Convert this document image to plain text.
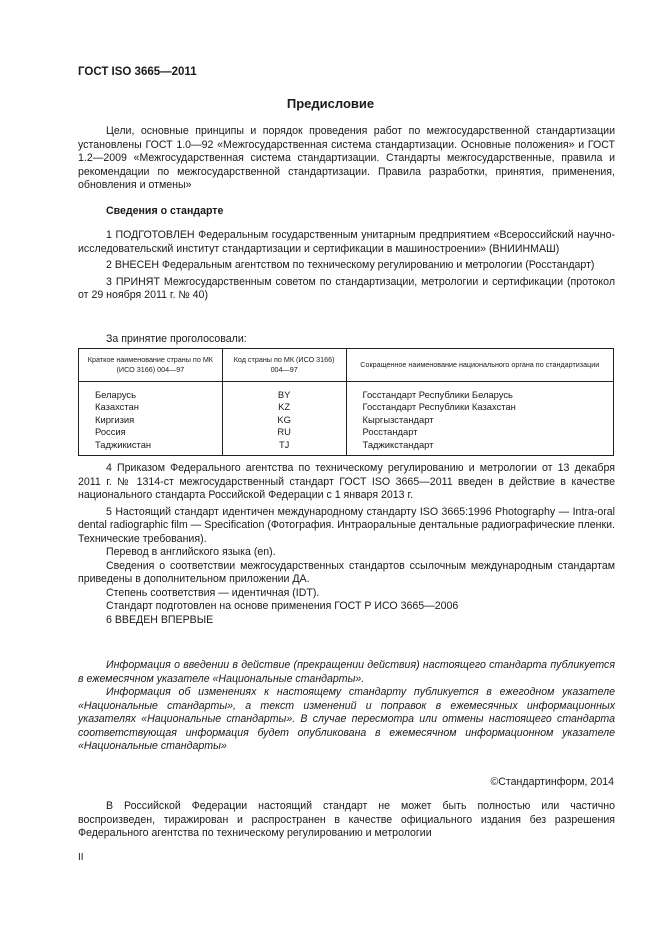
ГОСТ ISO 3665—2011
Предисловие

Цели, основные принципы и порядок проведения работ по межгосударственной стандартизации установлены ГОСТ 1.0—92 «Межгосударственная система стандартизации. Основные положения» и ГОСТ 1.2—2009 «Межгосударственная система стандартизации. Стандарты межгосударственные, правила и рекомендации по межгосударственной стандартизации. Правила разработки, принятия, применения, обновления и отмены»

Сведения о стандарте

1 ПОДГОТОВЛЕН Федеральным государственным унитарным предприятием «Всероссийский научно-исследовательский институт стандартизации и сертификации в машиностроении» (ВНИИНМАШ)

2 ВНЕСЕН Федеральным агентством по техническому регулированию и метрологии (Росстандарт)

3 ПРИНЯТ Межгосударственным советом по стандартизации, метрологии и сертификации (протокол от 29 ноября 2011 г. № 40)

За принятие проголосовали:
Краткое наименование страны по МК (ИСО 3166) 004—97	Код страны по МК (ИСО 3166) 004—97	Сокращенное наименование национального органа по стандартизации
Беларусь	BY	Госстандарт Республики Беларусь
Казахстан	KZ	Госстандарт Республики Казахстан
Киргизия	KG	Кыргызстандарт
Россия	RU	Росстандарт
Таджикистан	TJ	Таджикстандарт

4 Приказом Федерального агентства по техническому регулированию и метрологии от 13 декабря 2011 г. № 1314-ст межгосударственный стандарт ГОСТ ISO 3665—2011 введен в действие в качестве национального стандарта Российской Федерации с 1 января 2013 г.

5 Настоящий стандарт идентичен международному стандарту ISO 3665:1996 Photography — Intra-oral dental radiographic film — Specification (Фотография. Интраоральные дентальные радиографические пленки. Технические требования).

Перевод в английского языка (en).

Сведения о соответствии межгосударственных стандартов ссылочным международным стандартам приведены в дополнительном приложении ДА.

Степень соответствия — идентичная (IDT).

Стандарт подготовлен на основе применения ГОСТ Р ИСО 3665—2006

6 ВВЕДЕН ВПЕРВЫЕ

Информация о введении в действие (прекращении действия) настоящего стандарта публикуется в ежемесячном указателе «Национальные стандарты».

Информация об изменениях к настоящему стандарту публикуется в ежегодном указателе «Национальные стандарты», а текст изменений и поправок в ежемесячных информационных указателях «Национальные стандарты». В случае пересмотра или отмены настоящего стандарта соответствующая информация будет опубликована в ежемесячном информационном указателе «Национальные стандарты»

©Стандартинформ, 2014

В Российской Федерации настоящий стандарт не может быть полностью или частично воспроизведен, тиражирован и распространен в качестве официального издания без разрешения Федерального агентства по техническому регулированию и метрологии

II
